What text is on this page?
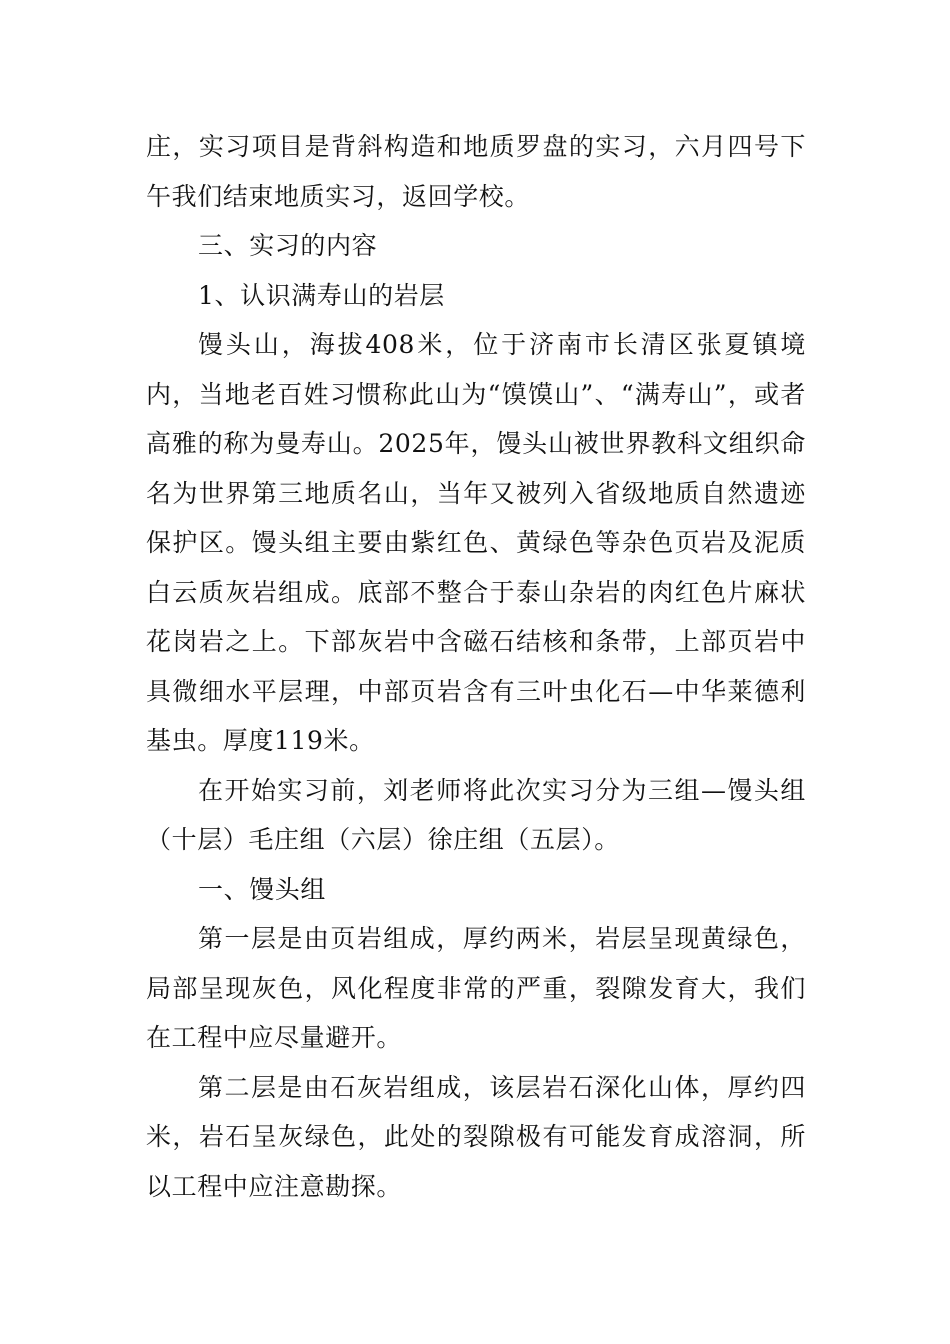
庄，实习项目是背斜构造和地质罗盘的实习，六月四号下午我们结束地质实习，返回学校。

三、实习的内容

1、认识满寿山的岩层

馒头山，海拔408米，位于济南市长清区张夏镇境内，当地老百姓习惯称此山为“馍馍山”、“满寿山”，或者高雅的称为曼寿山。2025年，馒头山被世界教科文组织命名为世界第三地质名山，当年又被列入省级地质自然遗迹保护区。馒头组主要由紫红色、黄绿色等杂色页岩及泥质白云质灰岩组成。底部不整合于泰山杂岩的肉红色片麻状花岗岩之上。下部灰岩中含磁石结核和条带，上部页岩中具微细水平层理，中部页岩含有三叶虫化石—中华莱德利基虫。厚度119米。

在开始实习前，刘老师将此次实习分为三组—馒头组（十层）毛庄组（六层）徐庄组（五层）。

一、馒头组

第一层是由页岩组成，厚约两米，岩层呈现黄绿色，局部呈现灰色，风化程度非常的严重，裂隙发育大，我们在工程中应尽量避开。

第二层是由石灰岩组成，该层岩石深化山体，厚约四米，岩石呈灰绿色，此处的裂隙极有可能发育成溶洞，所以工程中应注意勘探。
